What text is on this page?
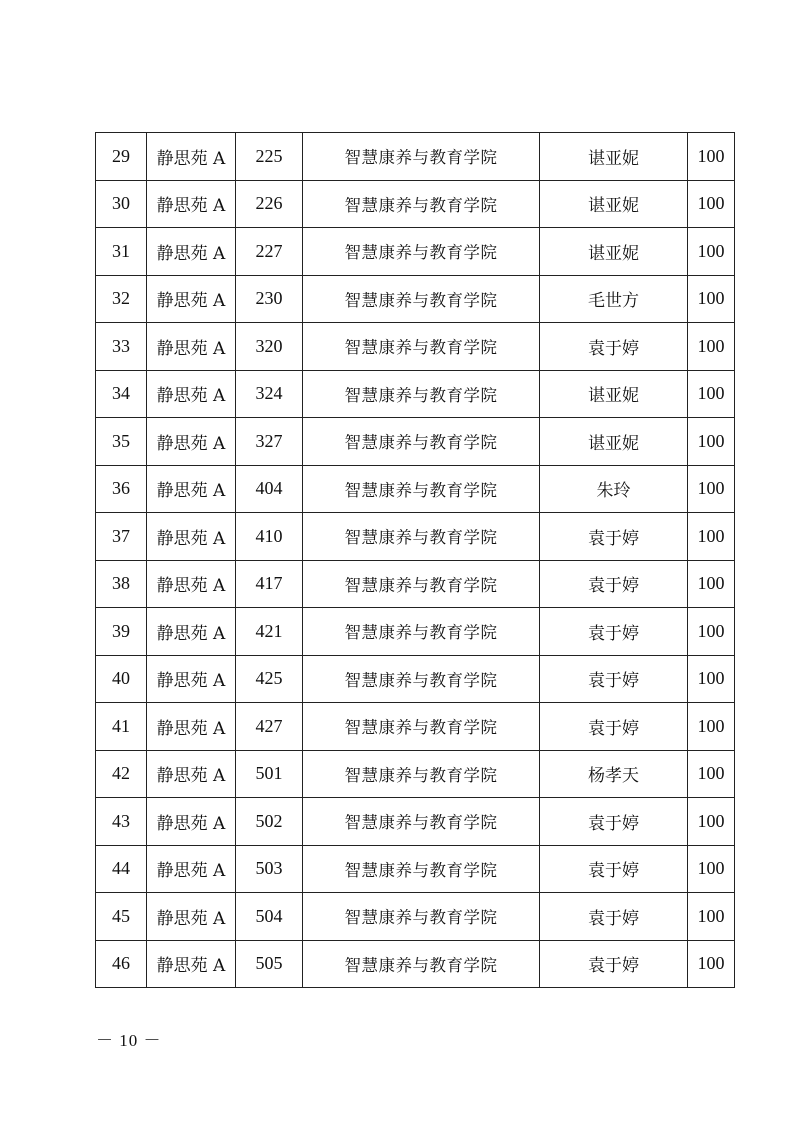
29	静思苑 A	225	智慧康养与教育学院	谌亚妮	100
30	静思苑 A	226	智慧康养与教育学院	谌亚妮	100
31	静思苑 A	227	智慧康养与教育学院	谌亚妮	100
32	静思苑 A	230	智慧康养与教育学院	毛世方	100
33	静思苑 A	320	智慧康养与教育学院	袁于婷	100
34	静思苑 A	324	智慧康养与教育学院	谌亚妮	100
35	静思苑 A	327	智慧康养与教育学院	谌亚妮	100
36	静思苑 A	404	智慧康养与教育学院	朱玲	100
37	静思苑 A	410	智慧康养与教育学院	袁于婷	100
38	静思苑 A	417	智慧康养与教育学院	袁于婷	100
39	静思苑 A	421	智慧康养与教育学院	袁于婷	100
40	静思苑 A	425	智慧康养与教育学院	袁于婷	100
41	静思苑 A	427	智慧康养与教育学院	袁于婷	100
42	静思苑 A	501	智慧康养与教育学院	杨孝天	100
43	静思苑 A	502	智慧康养与教育学院	袁于婷	100
44	静思苑 A	503	智慧康养与教育学院	袁于婷	100
45	静思苑 A	504	智慧康养与教育学院	袁于婷	100
46	静思苑 A	505	智慧康养与教育学院	袁于婷	100
－ 10 －
